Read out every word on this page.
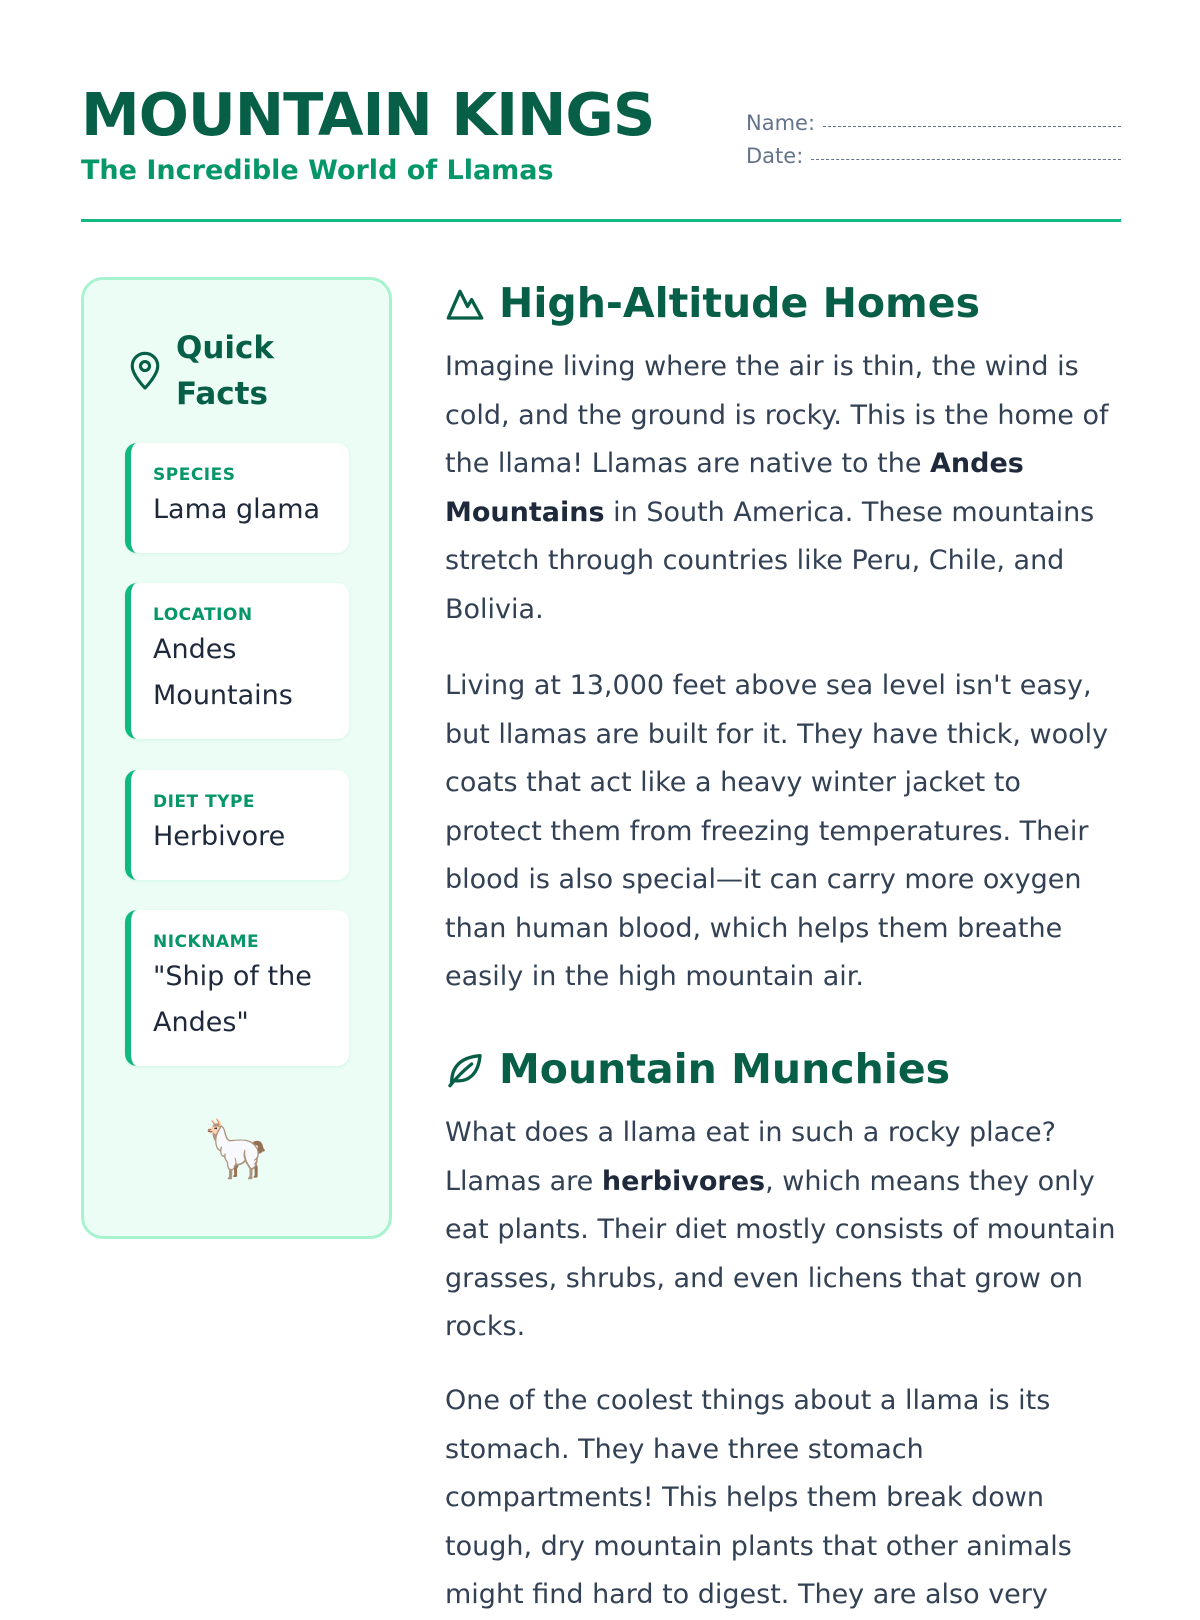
MOUNTAIN KINGS
The Incredible World of Llamas
Name:
Date:
Quick Facts
SPECIES
Lama glama
LOCATION
Andes Mountains
DIET TYPE
Herbivore
NICKNAME
"Ship of the Andes"
🦙
High-Altitude Homes

Imagine living where the air is thin, the wind is cold, and the ground is rocky. This is the home of the llama! Llamas are native to the Andes Mountains in South America. These mountains stretch through countries like Peru, Chile, and Bolivia.

Living at 13,000 feet above sea level isn't easy, but llamas are built for it. They have thick, wooly coats that act like a heavy winter jacket to protect them from freezing temperatures. Their blood is also special—it can carry more oxygen than human blood, which helps them breathe easily in the high mountain air.

Mountain Munchies

What does a llama eat in such a rocky place? Llamas are herbivores, which means they only eat plants. Their diet mostly consists of mountain grasses, shrubs, and even lichens that grow on rocks.

One of the coolest things about a llama is its stomach. They have three stomach compartments! This helps them break down tough, dry mountain plants that other animals might find hard to digest. They are also very
